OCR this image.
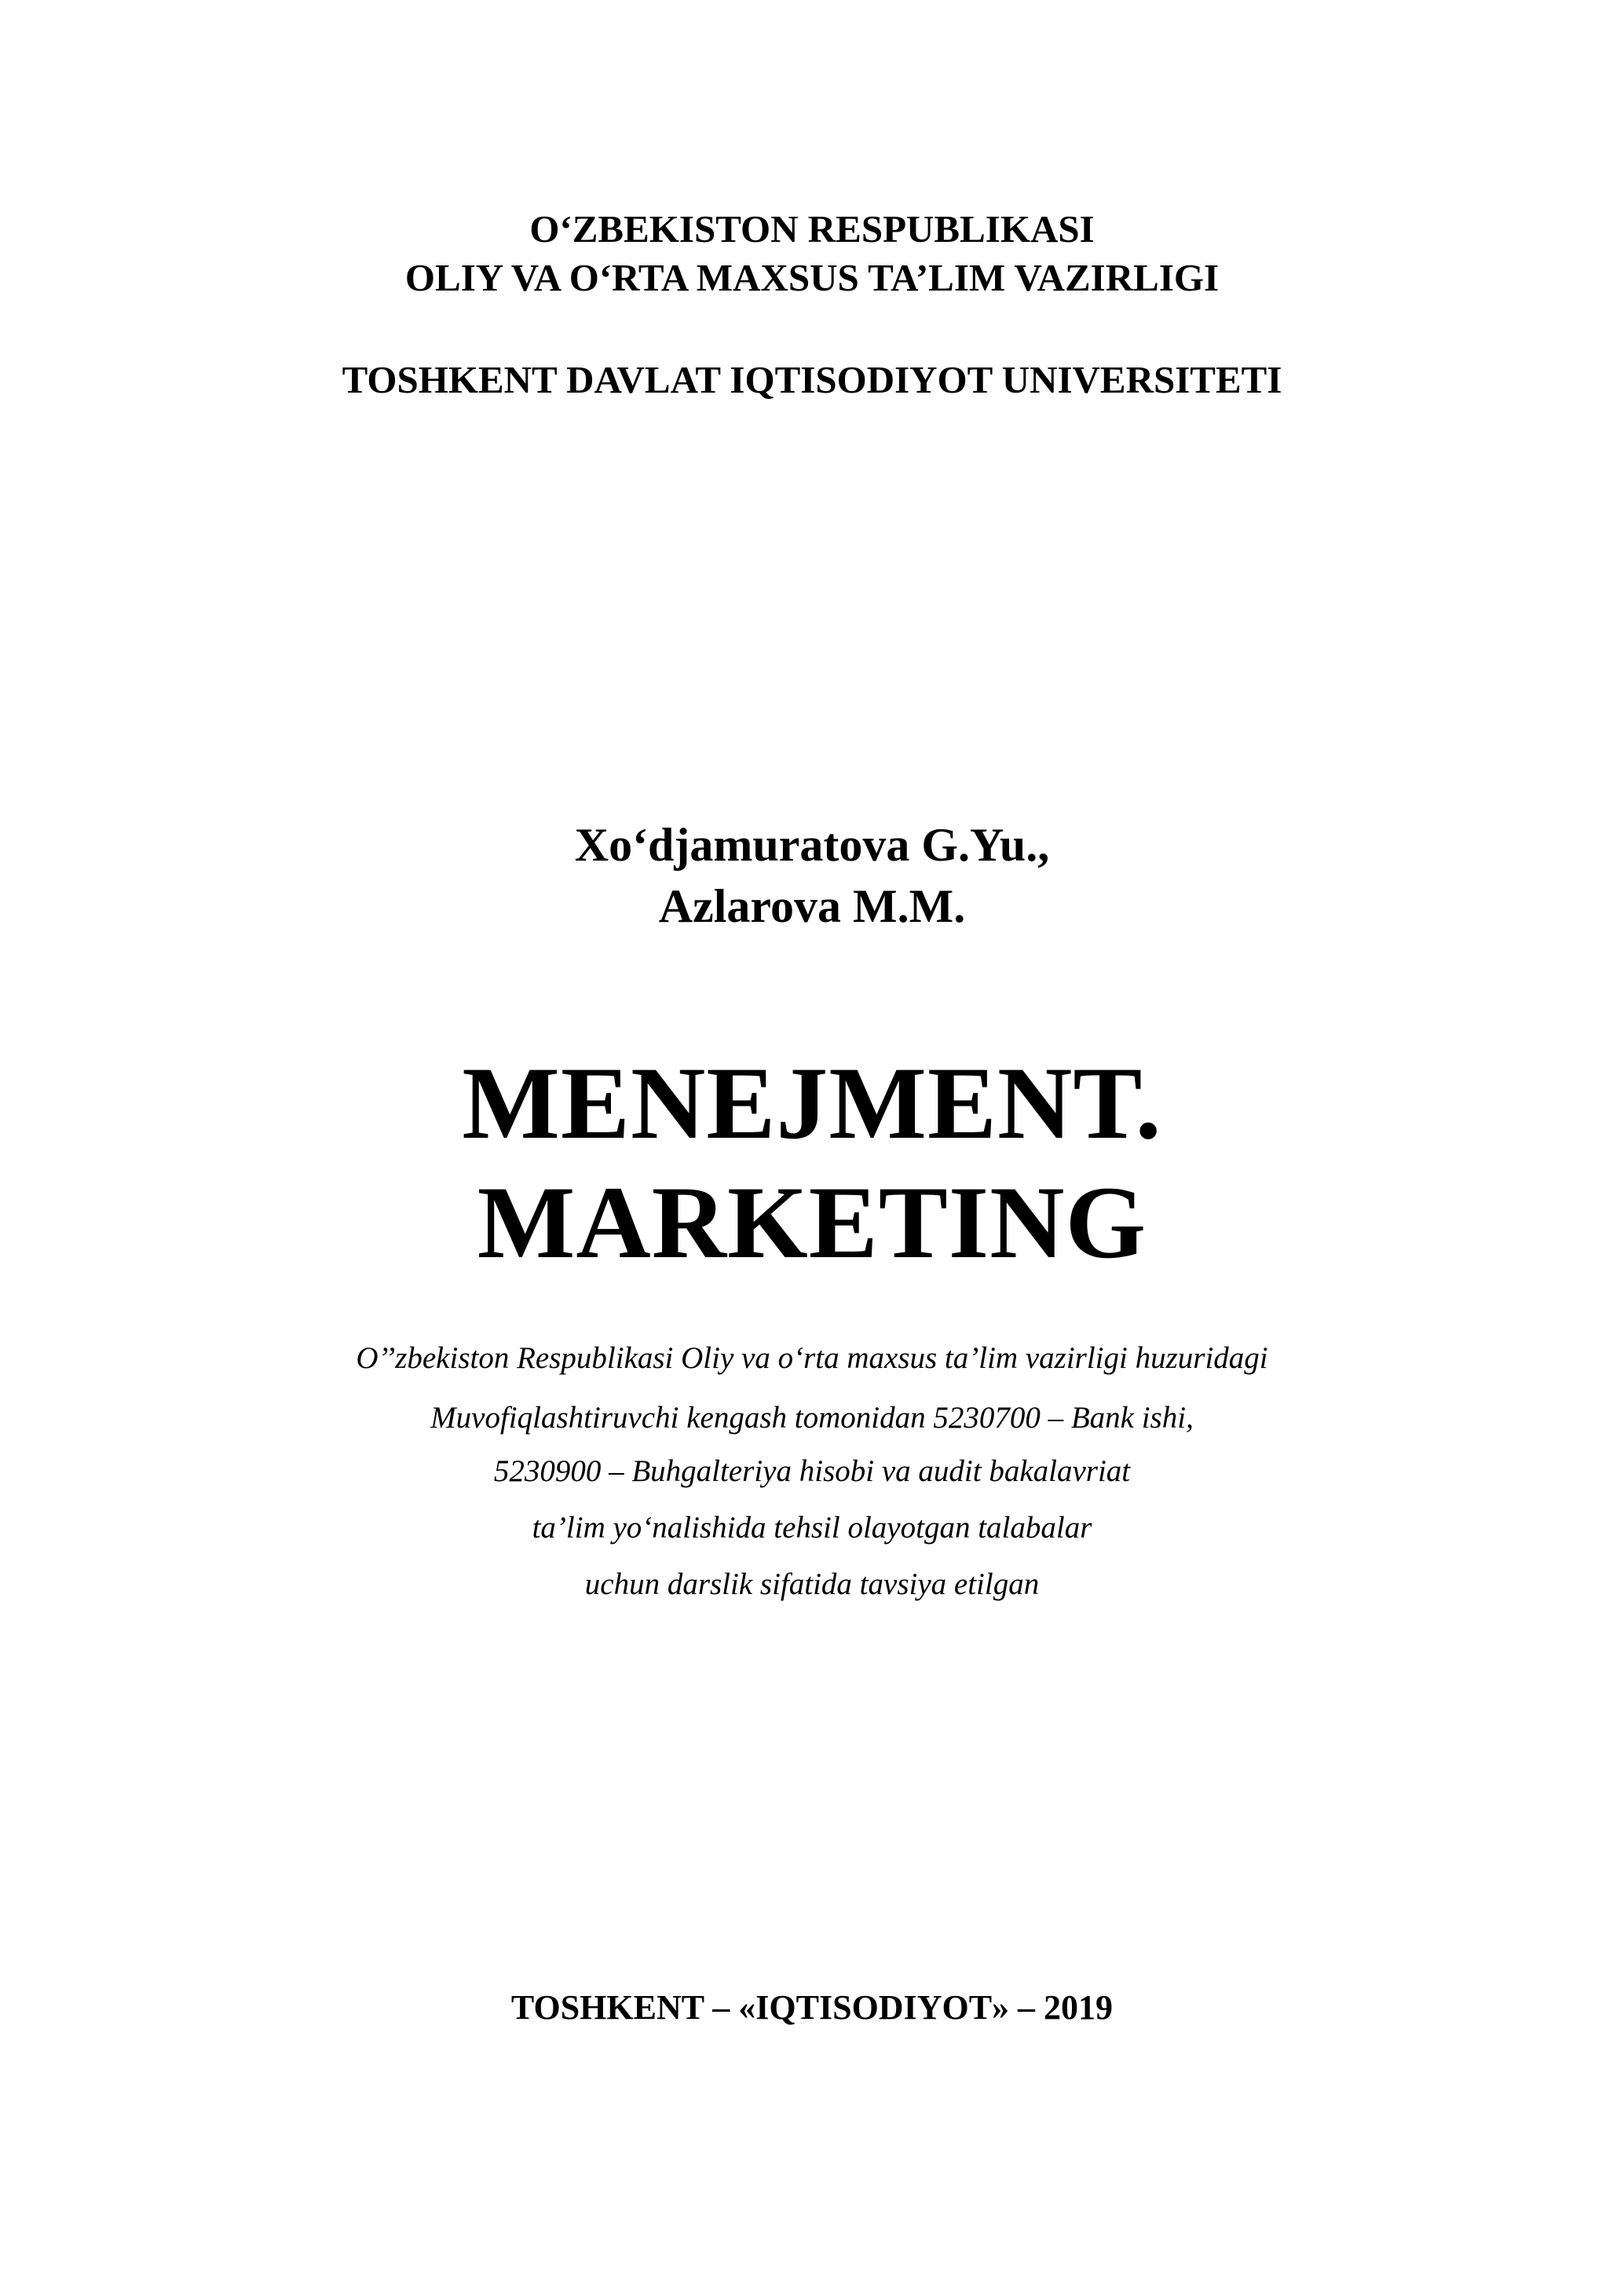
O‘ZBEKISTON RESPUBLIKASI
OLIY VA O‘RTA MAXSUS TA’LIM VAZIRLIGI
TOSHKENT DAVLAT IQTISODIYOT UNIVERSITETI
Xo‘djamuratova G.Yu.,
Azlarova M.M.
MENEJMENT.
MARKETING
O’’zbekiston Respublikasi Oliy va o‘rta maxsus ta’lim vazirligi huzuridagi
Muvofiqlashtiruvchi kengash tomonidan 5230700 – Bank ishi,
5230900 – Buhgalteriya hisobi va audit bakalavriat
ta’lim yo‘nalishida tehsil olayotgan talabalar
uchun darslik sifatida tavsiya etilgan
TOSHKENT – «IQTISODIYOT» – 2019
